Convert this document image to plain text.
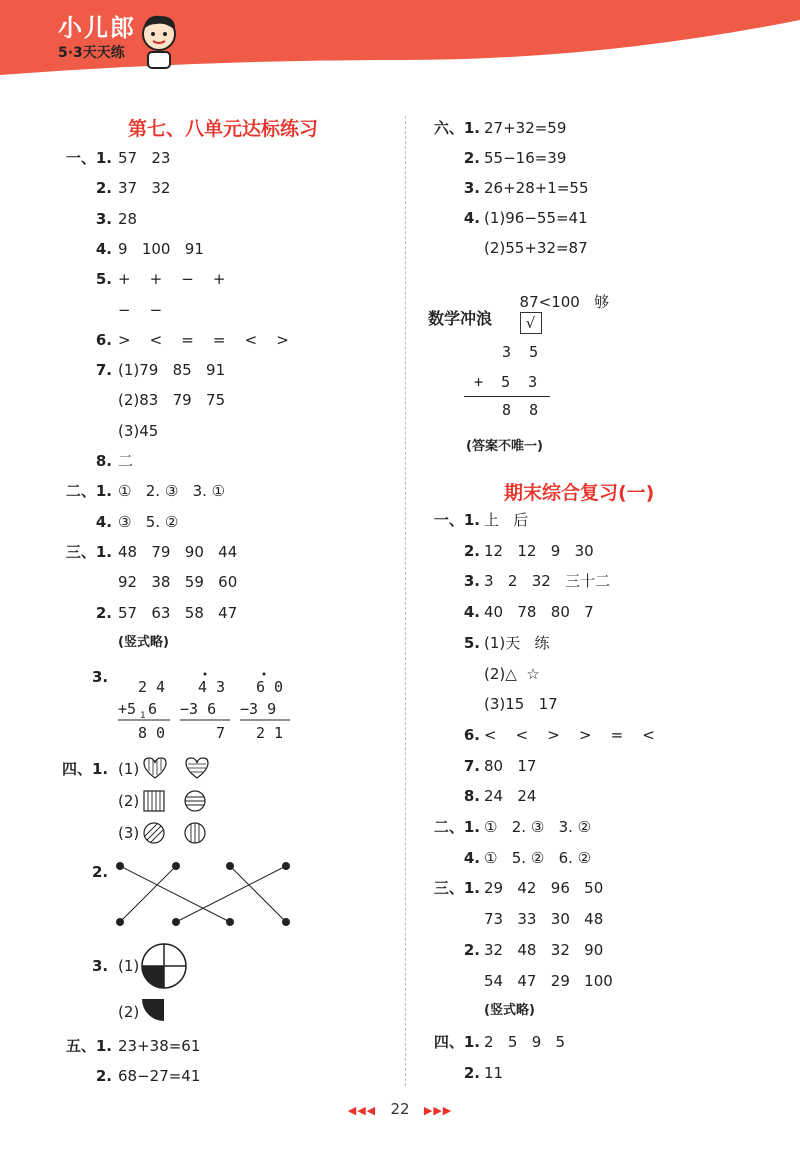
小儿郎
5·3天天练
第七、八单元达标练习
一、1. 57   23
2. 37   32
3. 28
4. 9   100   91
5. +    +    −    +
−    −
6. >    <    =    =    <    >
7. (1)79   85   91
(2)83   79   75
(3)45
8. 二
二、1. ①   2. ③   3. ①
4. ③   5. ②
三、1. 48   79   90   44
92   38   59   60
2. 57   63   58   47
(竖式略)
3.
2 4
+5 1 6
8 0
4 3
−3 6
7
6 0
−3 9
2 1
四、1. (1)
(2)
(3)
2.
3. (1)
(2)
五、1. 23+38=61
2. 68−27=41
六、1. 27+32=59
2. 55−16=39
3. 26+28+1=55
4. (1)96−55=41
(2)55+32=87

87<100   够
√

数学冲浪
3  5
+  5  3
8  8
(答案不唯一)
期末综合复习(一)
一、1. 上   后
2. 12   12   9   30
3. 3   2   32   三十二
4. 40   78   80   7
5. (1)天   练
(2)△  ☆
(3)15   17
6. <    <    >    >    =    <
7. 80   17
8. 24   24
二、1. ①   2. ③   3. ②
4. ①   5. ②   6. ②
三、1. 29   42   96   50
73   33   30   48
2. 32   48   32   90
54   47   29   100
(竖式略)
四、1. 2   5   9   5
2. 11
◀◀◀ 22 ▶▶▶
